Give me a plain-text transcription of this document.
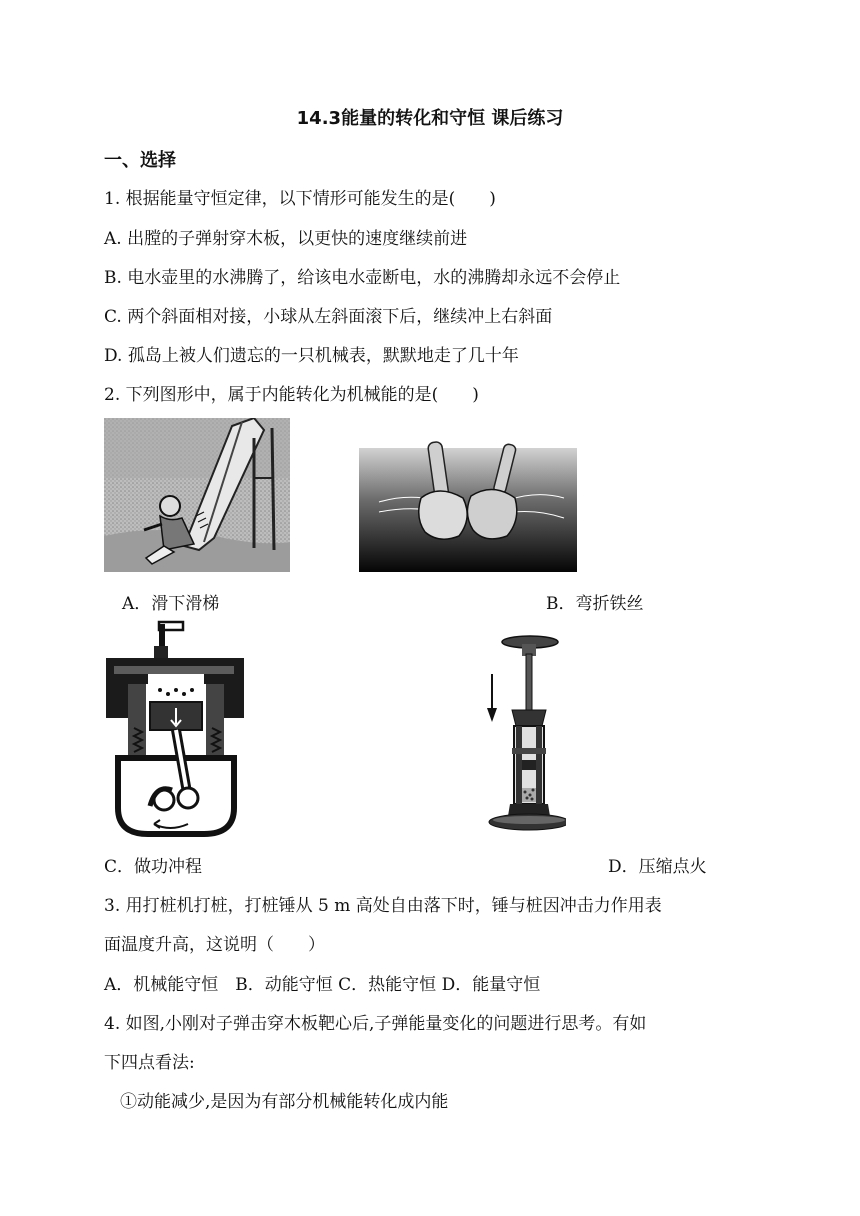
14.3能量的转化和守恒 课后练习
一、选择
1. 根据能量守恒定律，以下情形可能发生的是(　　)
A. 出膛的子弹射穿木板，以更快的速度继续前进
B. 电水壶里的水沸腾了，给该电水壶断电，水的沸腾却永远不会停止
C. 两个斜面相对接，小球从左斜面滚下后，继续冲上右斜面
D. 孤岛上被人们遗忘的一只机械表，默默地走了几十年
2. 下列图形中，属于内能转化为机械能的是(　　)
A．滑下滑梯	B．弯折铁丝
C．做功冲程	D．压缩点火
3. 用打桩机打桩，打桩锤从 5 m 高处自由落下时，锤与桩因冲击力作用表
面温度升高，这说明（　　）
A．机械能守恒　B．动能守恒 C．热能守恒 D．能量守恒
4. 如图,小刚对子弹击穿木板靶心后,子弹能量变化的问题进行思考。有如
下四点看法:
①动能减少,是因为有部分机械能转化成内能
